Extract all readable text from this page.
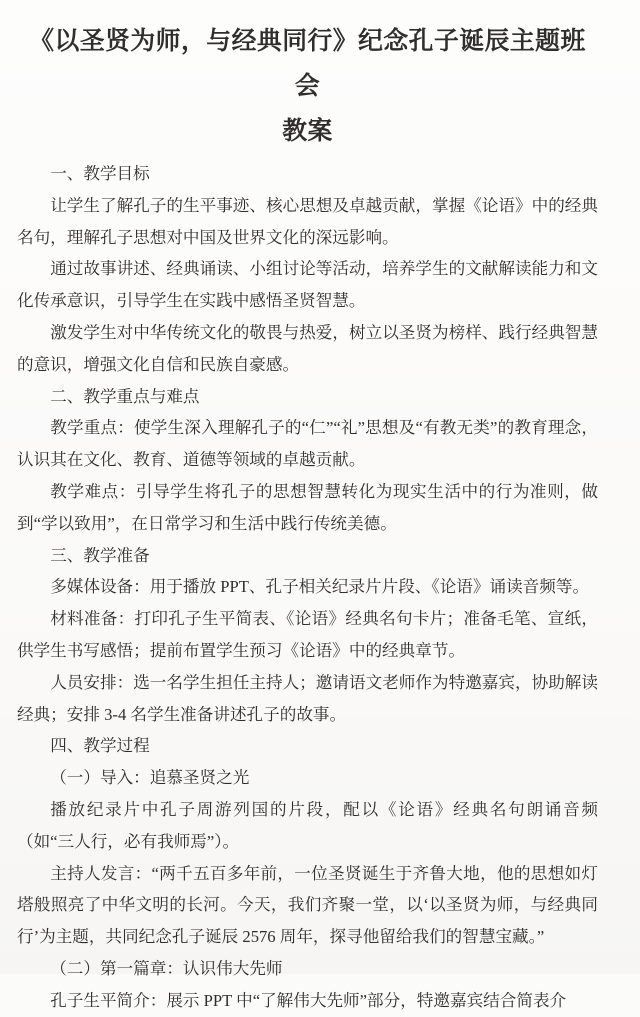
《以圣贤为师，与经典同行》纪念孔子诞辰主题班会
教案

一、教学目标

让学生了解孔子的生平事迹、核心思想及卓越贡献，掌握《论语》中的经典名句，理解孔子思想对中国及世界文化的深远影响。

通过故事讲述、经典诵读、小组讨论等活动，培养学生的文献解读能力和文化传承意识，引导学生在实践中感悟圣贤智慧。

激发学生对中华传统文化的敬畏与热爱，树立以圣贤为榜样、践行经典智慧的意识，增强文化自信和民族自豪感。

二、教学重点与难点

教学重点：使学生深入理解孔子的“仁”“礼”思想及“有教无类”的教育理念，认识其在文化、教育、道德等领域的卓越贡献。

教学难点：引导学生将孔子的思想智慧转化为现实生活中的行为准则，做到“学以致用”，在日常学习和生活中践行传统美德。

三、教学准备

多媒体设备：用于播放 PPT、孔子相关纪录片片段、《论语》诵读音频等。

材料准备：打印孔子生平简表、《论语》经典名句卡片；准备毛笔、宣纸，供学生书写感悟；提前布置学生预习《论语》中的经典章节。

人员安排：选一名学生担任主持人；邀请语文老师作为特邀嘉宾，协助解读经典；安排 3-4 名学生准备讲述孔子的故事。

四、教学过程

（一）导入：追慕圣贤之光

播放纪录片中孔子周游列国的片段，配以《论语》经典名句朗诵音频（如“三人行，必有我师焉”）。

主持人发言：“两千五百多年前，一位圣贤诞生于齐鲁大地，他的思想如灯塔般照亮了中华文明的长河。今天，我们齐聚一堂，以‘以圣贤为师，与经典同行’为主题，共同纪念孔子诞辰 2576 周年，探寻他留给我们的智慧宝藏。”

（二）第一篇章：认识伟大先师

孔子生平简介：展示 PPT 中“了解伟大先师”部分，特邀嘉宾结合简表介
